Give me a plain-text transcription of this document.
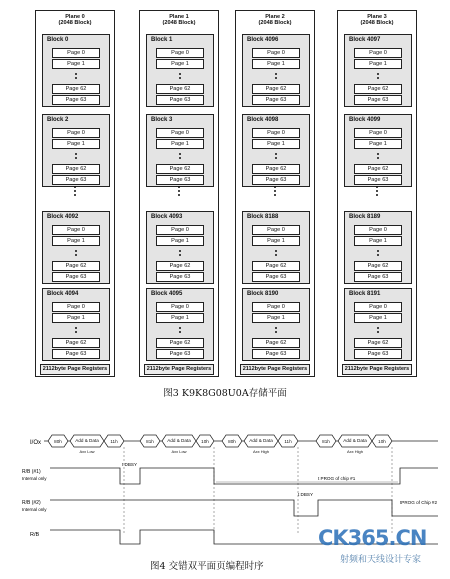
Plane 0
(2048 Block)
Block 0
Page 0
Page 1
Page 62
Page 63
Block 2
Page 0
Page 1
Page 62
Page 63
Block 4092
Page 0
Page 1
Page 62
Page 63
Block 4094
Page 0
Page 1
Page 62
Page 63
2112byte Page Registers
Plane 1
(2048 Block)
Block 1
Page 0
Page 1
Page 62
Page 63
Block 3
Page 0
Page 1
Page 62
Page 63
Block 4093
Page 0
Page 1
Page 62
Page 63
Block 4095
Page 0
Page 1
Page 62
Page 63
2112byte Page Registers
Plane 2
(2048 Block)
Block 4096
Page 0
Page 1
Page 62
Page 63
Block 4098
Page 0
Page 1
Page 62
Page 63
Block 8188
Page 0
Page 1
Page 62
Page 63
Block 8190
Page 0
Page 1
Page 62
Page 63
2112byte Page Registers
Plane 3
(2048 Block)
Block 4097
Page 0
Page 1
Page 62
Page 63
Block 4099
Page 0
Page 1
Page 62
Page 63
Block 8189
Page 0
Page 1
Page 62
Page 63
Block 8191
Page 0
Page 1
Page 62
Page 63
2112byte Page Registers
图3 K9K8G08U0A存储平面
I/Ox
R/B (#1)
Internal only
R/B (#2)
Internal only
R/B
80h	Add & Data
Axx Low
11h	81h	Add & Data
Axx Low
10h	80h	Add & Data
Axx High
11h	81h	Add & Data
Axx High
10h
t DBSY
t PROG of chip #1
t DBSY
tPROG of Chip #2
图4 交错双平面页编程时序
CK365.CN
射频和天线设计专家
